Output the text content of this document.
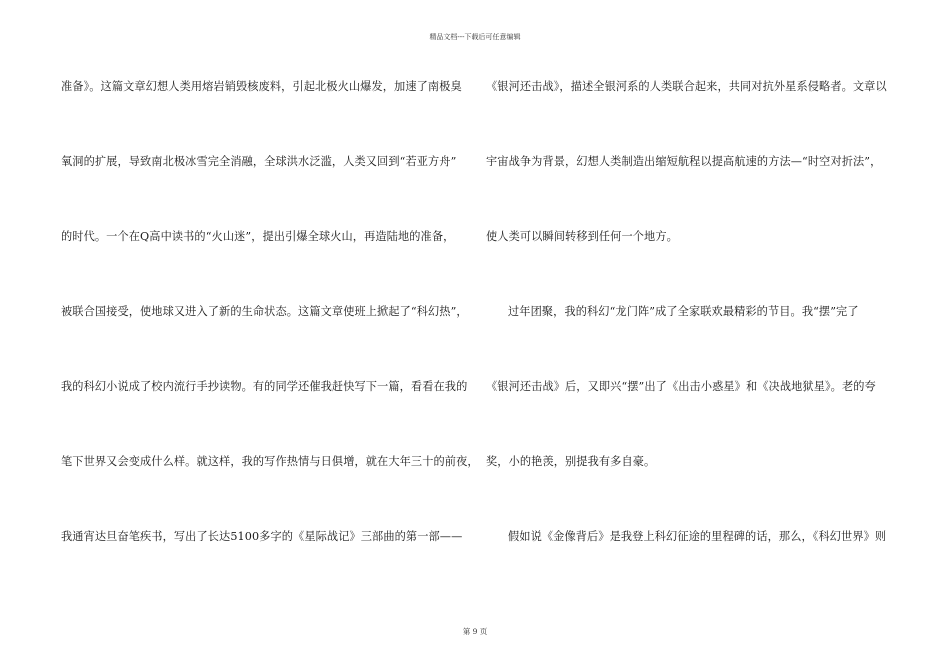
精品文档---下载后可任意编辑
准备》。这篇文章幻想人类用熔岩销毁核废料，引起北极火山爆发，加速了南极臭
氧洞的扩展，导致南北极冰雪完全消融，全球洪水泛滥，人类又回到“若亚方舟”
的时代。一个在Q高中读书的“火山迷”，提出引爆全球火山，再造陆地的准备，
被联合国接受，使地球又进入了新的生命状态。这篇文章使班上掀起了“科幻热”，
我的科幻小说成了校内流行手抄读物。有的同学还催我赶快写下一篇，看看在我的
笔下世界又会变成什么样。就这样，我的写作热情与日俱增，就在大年三十的前夜，
我通宵达旦奋笔疾书，写出了长达5100多字的《星际战记》三部曲的第一部——
《银河还击战》，描述全银河系的人类联合起来，共同对抗外星系侵略者。文章以
宇宙战争为背景，幻想人类制造出缩短航程以提高航速的方法—“时空对折法”，
使人类可以瞬间转移到任何一个地方。
过年团聚，我的科幻“龙门阵”成了全家联欢最精彩的节目。我“摆”完了
《银河还击战》后，又即兴“摆”出了《出击小惑星》和《决战地狱星》。老的夸
奖，小的艳羡，别提我有多自豪。
假如说《金像背后》是我登上科幻征途的里程碑的话，那么，《科幻世界》则
第 9 页
